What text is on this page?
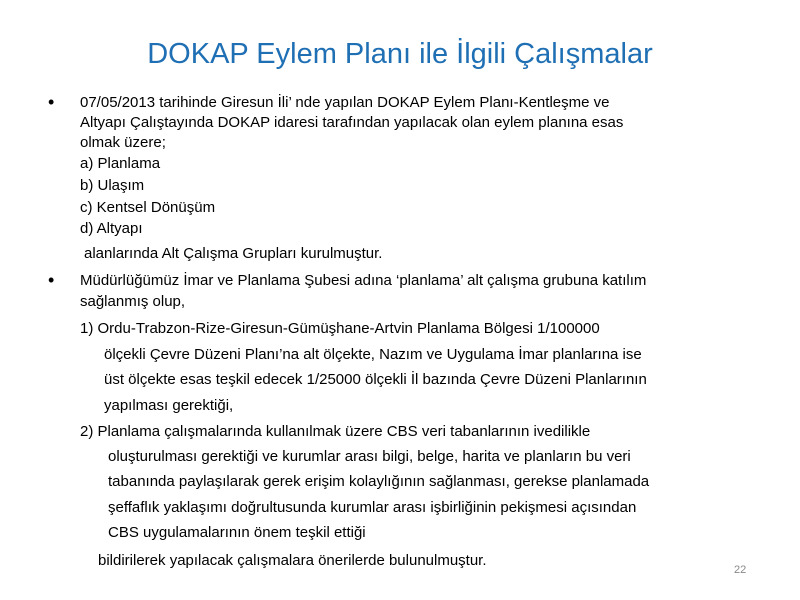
DOKAP Eylem Planı ile İlgili Çalışmalar
• 07/05/2013 tarihinde Giresun İli’ nde yapılan DOKAP Eylem Planı-Kentleşme ve
Altyapı Çalıştayında DOKAP idaresi tarafından yapılacak olan eylem planına esas
olmak üzere;
a) Planlama
b) Ulaşım
c) Kentsel Dönüşüm
d) Altyapı
alanlarında Alt Çalışma Grupları kurulmuştur.
• Müdürlüğümüz İmar ve Planlama Şubesi adına ‘planlama’ alt çalışma grubuna katılım
sağlanmış olup,
1) Ordu-Trabzon-Rize-Giresun-Gümüşhane-Artvin Planlama Bölgesi 1/100000
ölçekli Çevre Düzeni Planı’na alt ölçekte, Nazım ve Uygulama İmar planlarına ise
üst ölçekte esas teşkil edecek 1/25000 ölçekli İl bazında Çevre Düzeni Planlarının
yapılması gerektiği,
2) Planlama çalışmalarında kullanılmak üzere CBS veri tabanlarının ivedilikle
oluşturulması gerektiği ve kurumlar arası bilgi, belge, harita ve planların bu veri
tabanında paylaşılarak gerek erişim kolaylığının sağlanması, gerekse planlamada
şeffaflık yaklaşımı doğrultusunda kurumlar arası işbirliğinin pekişmesi açısından
CBS uygulamalarının önem teşkil ettiği
bildirilerek yapılacak çalışmalara önerilerde bulunulmuştur.
22
